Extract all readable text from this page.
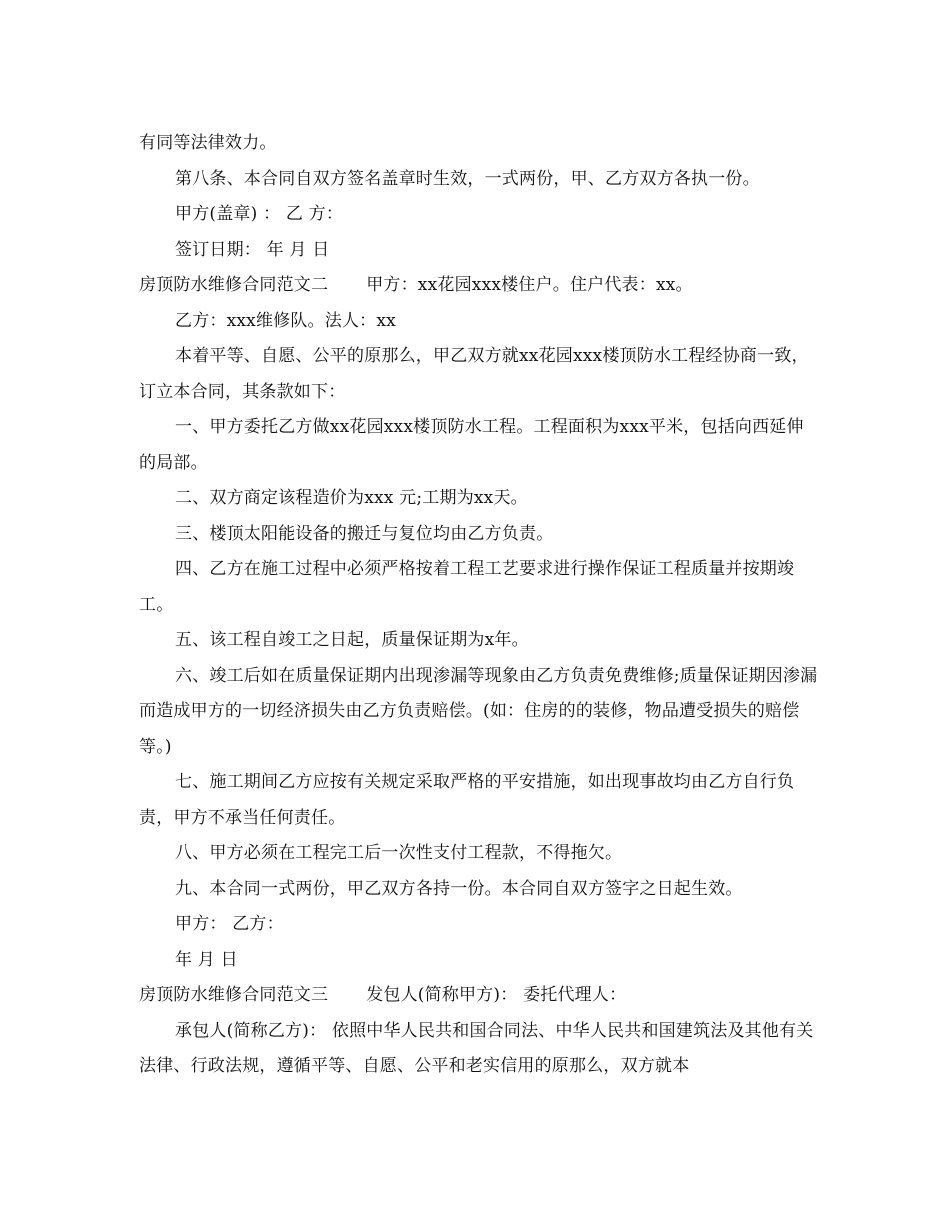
有同等法律效力。

第八条、本合同自双方签名盖章时生效，一式两份，甲、乙方双方各执一份。

甲方(盖章) ： 乙 方：

签订日期： 年 月 日

房顶防水维修合同范文二 甲方：xx花园xxx楼住户。住户代表：xx。

乙方：xxx维修队。法人：xx

本着平等、自愿、公平的原那么，甲乙双方就xx花园xxx楼顶防水工程经协商一致，订立本合同，其条款如下：

一、甲方委托乙方做xx花园xxx楼顶防水工程。工程面积为xxx平米，包括向西延伸的局部。

二、双方商定该程造价为xxx 元;工期为xx天。

三、楼顶太阳能设备的搬迁与复位均由乙方负责。

四、乙方在施工过程中必须严格按着工程工艺要求进行操作保证工程质量并按期竣工。

五、该工程自竣工之日起，质量保证期为x年。

六、竣工后如在质量保证期内出现渗漏等现象由乙方负责免费维修;质量保证期因渗漏而造成甲方的一切经济损失由乙方负责赔偿。(如：住房的的装修，物品遭受损失的赔偿等。)

七、施工期间乙方应按有关规定采取严格的平安措施，如出现事故均由乙方自行负责，甲方不承当任何责任。

八、甲方必须在工程完工后一次性支付工程款，不得拖欠。

九、本合同一式两份，甲乙双方各持一份。本合同自双方签字之日起生效。

甲方： 乙方：

年 月 日

房顶防水维修合同范文三 发包人(简称甲方)： 委托代理人：

承包人(简称乙方)： 依照中华人民共和国合同法、中华人民共和国建筑法及其他有关法律、行政法规，遵循平等、自愿、公平和老实信用的原那么，双方就本
